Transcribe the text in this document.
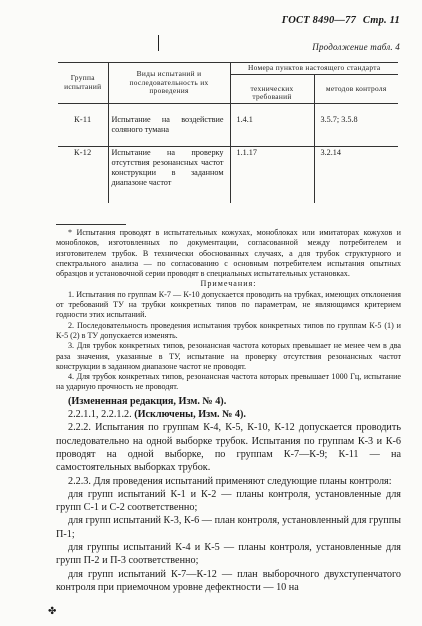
ГОСТ 8490—77 Стр. 11
Продолжение табл. 4
Группа испытаний	Виды испытаний и последовательность их проведения	Номера пунктов настоящего стандарта	
		технических требований	методов контроля

К-11	Испытание на воздействие соляного тумана	1.4.1	3.5.7; 3.5.8

К-12	Испытание на проверку отсутствия резонансных частот конструкции в заданном диапазоне частот	1.1.17	3.2.14

* Испытания проводят в испытательных кожухах, моноблоках или имитаторах кожухов и моноблоков, изготовленных по документации, согласованной между потребителем и изготовителем трубок. В технически обоснованных случаях, а для трубок структурного и спектрального анализа — по согласованию с основным потребителем испытания опытных образцов и установочной серии проводят в специальных испытательных установках.

Примечания:

1. Испытания по группам К-7 — К-10 допускается проводить на трубках, имеющих отклонения от требований ТУ на трубки конкретных типов по параметрам, не являющимся критерием годности этих испытаний.

2. Последовательность проведения испытания трубок конкретных типов по группам К-5 (1) и К-5 (2) в ТУ допускается изменять.

3. Для трубок конкретных типов, резонансная частота которых превышает не менее чем в два раза значения, указанные в ТУ, испытание на проверку отсутствия резонансных частот конструкции в заданном диапазоне частот не проводят.

4. Для трубок конкретных типов, резонансная частота которых превышает 1000 Гц, испытание на ударную прочность не проводят.

(Измененная редакция, Изм. № 4).

2.2.1.1, 2.2.1.2. (Исключены, Изм. № 4).

2.2.2. Испытания по группам К-4, К-5, К-10, К-12 допускается проводить последовательно на одной выборке трубок. Испытания по группам К-3 и К-6 проводят на одной выборке, по группам К-7—К-9; К-11 — на самостоятельных выборках трубок.

2.2.3. Для проведения испытаний применяют следующие планы контроля:

для групп испытаний К-1 и К-2 — планы контроля, установленные для групп С-1 и С-2 соответственно;

для групп испытаний К-3, К-6 — план контроля, установленный для группы П-1;

для группы испытаний К-4 и К-5 — планы контроля, установленные для групп П-2 и П-3 соответственно;

для групп испытаний К-7—К-12 — план выборочного двухступенчатого контроля при приемочном уровне дефектности — 10 на

✤
